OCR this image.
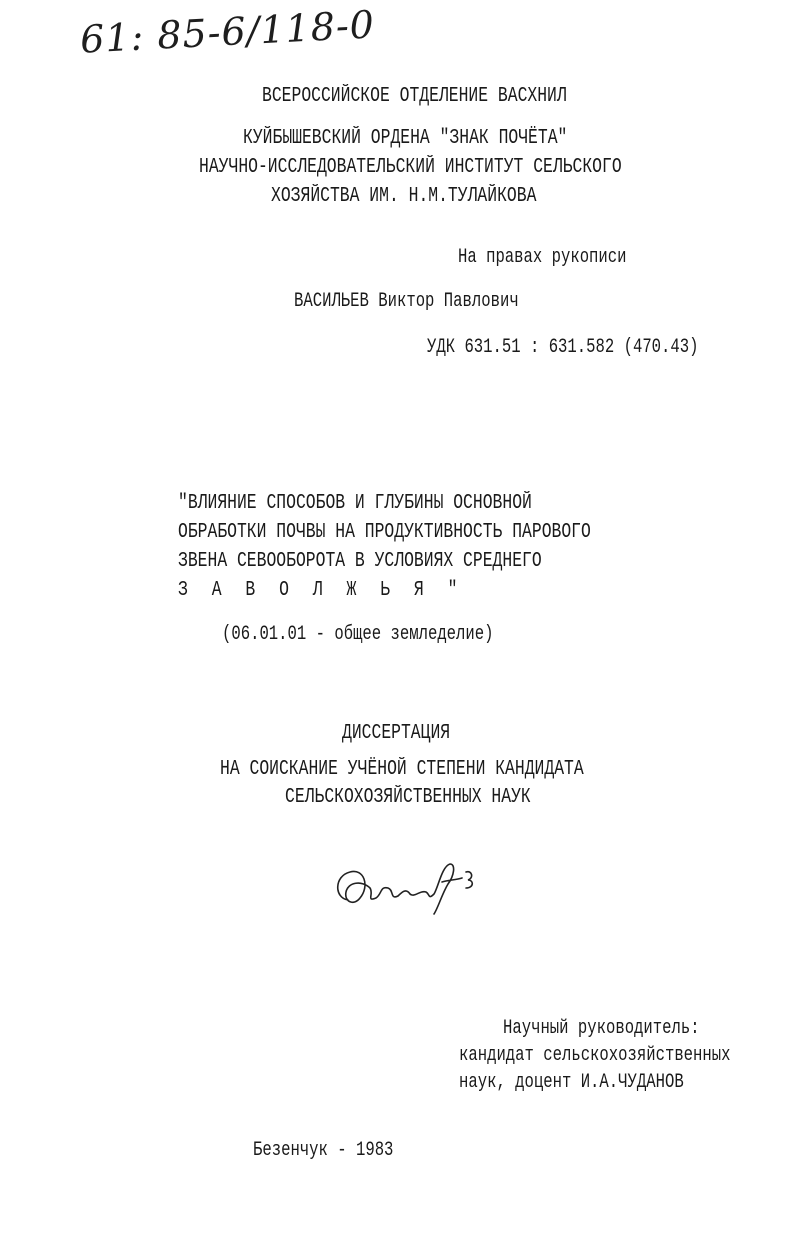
61: 85-6/118-0
ВСЕРОССИЙСКОЕ ОТДЕЛЕНИЕ ВАСХНИЛ
КУЙБЫШЕВСКИЙ ОРДЕНА "ЗНАК ПОЧЁТА"
НАУЧНО-ИССЛЕДОВАТЕЛЬСКИЙ ИНСТИТУТ СЕЛЬСКОГО
ХОЗЯЙСТВА ИМ. Н.М.ТУЛАЙКОВА
На правах рукописи
ВАСИЛЬЕВ Виктор Павлович
УДК 631.51 : 631.582 (470.43)
"ВЛИЯНИЕ СПОСОБОВ И ГЛУБИНЫ ОСНОВНОЙ
ОБРАБОТКИ ПОЧВЫ НА ПРОДУКТИВНОСТЬ ПАРОВОГО
ЗВЕНА СЕВООБОРОТА В УСЛОВИЯХ СРЕДНЕГО
З А В О Л Ж Ь Я "
(06.01.01 - общее земледелие)
ДИССЕРТАЦИЯ
НА СОИСКАНИЕ УЧЁНОЙ СТЕПЕНИ КАНДИДАТА
СЕЛЬСКОХОЗЯЙСТВЕННЫХ НАУК
Научный руководитель:
кандидат сельскохозяйственных
наук, доцент И.А.ЧУДАНОВ
Безенчук - 1983
